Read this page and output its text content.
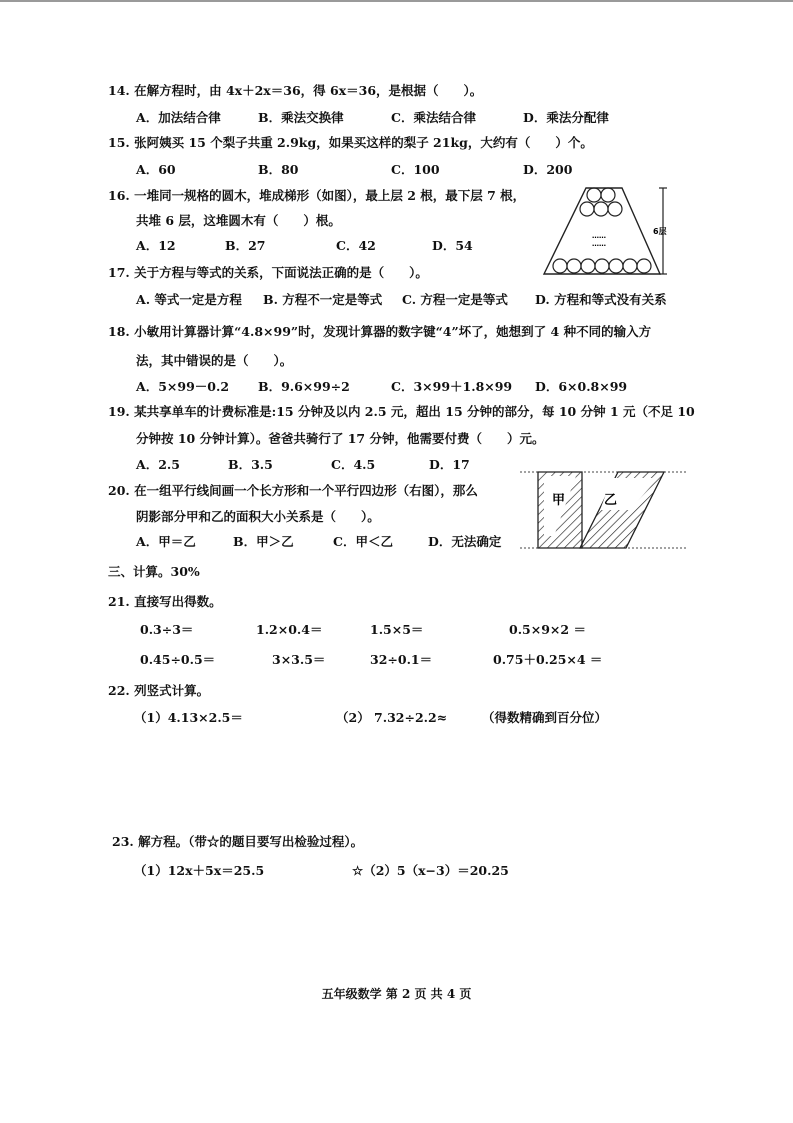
14. 在解方程时，由 4x＋2x＝36，得 6x＝36，是根据（　　）。
A．加法结合律	B．乘法交换律	C．乘法结合律	D．乘法分配律
15. 张阿姨买 15 个梨子共重 2.9kg，如果买这样的梨子 21kg，大约有（　　）个。
A．60	B．80	C．100	D．200
16. 一堆同一规格的圆木，堆成梯形（如图），最上层 2 根，最下层 7 根，
共堆 6 层，这堆圆木有（　　）根。
A．12	B．27	C．42	D．54
……
……
6层
17. 关于方程与等式的关系，下面说法正确的是（　　）。
A. 等式一定是方程 B. 方程不一定是等式 C. 方程一定是等式 D. 方程和等式没有关系
18. 小敏用计算器计算“4.8×99”时，发现计算器的数字键“4”坏了，她想到了 4 种不同的输入方
法，其中错误的是（　　）。
A．5×99－0.2 B．9.6×99÷2	C．3×99＋1.8×99 D．6×0.8×99
19. 某共享单车的计费标准是:15 分钟及以内 2.5 元，超出 15 分钟的部分，每 10 分钟 1 元（不足 10
分钟按 10 分钟计算）。爸爸共骑行了 17 分钟，他需要付费（　　）元。
A．2.5	B．3.5	C．4.5	D．17
20. 在一组平行线间画一个长方形和一个平行四边形（右图），那么
阴影部分甲和乙的面积大小关系是（　　）。
A．甲＝乙	B．甲＞乙	C．甲＜乙	D．无法确定
甲	乙
三、计算。30%
21. 直接写出得数。
0.3÷3＝	1.2×0.4＝	1.5×5＝	0.5×9×2 ＝
0.45÷0.5＝	3×3.5＝	32÷0.1＝	0.75＋0.25×4 ＝
22. 列竖式计算。
（1）4.13×2.5＝	（2） 7.32÷2.2≈	（得数精确到百分位）
23. 解方程。（带☆的题目要写出检验过程）。
（1）12x＋5x＝25.5	☆（2）5（x−3）＝20.25
五年级数学 第 2 页 共 4 页
